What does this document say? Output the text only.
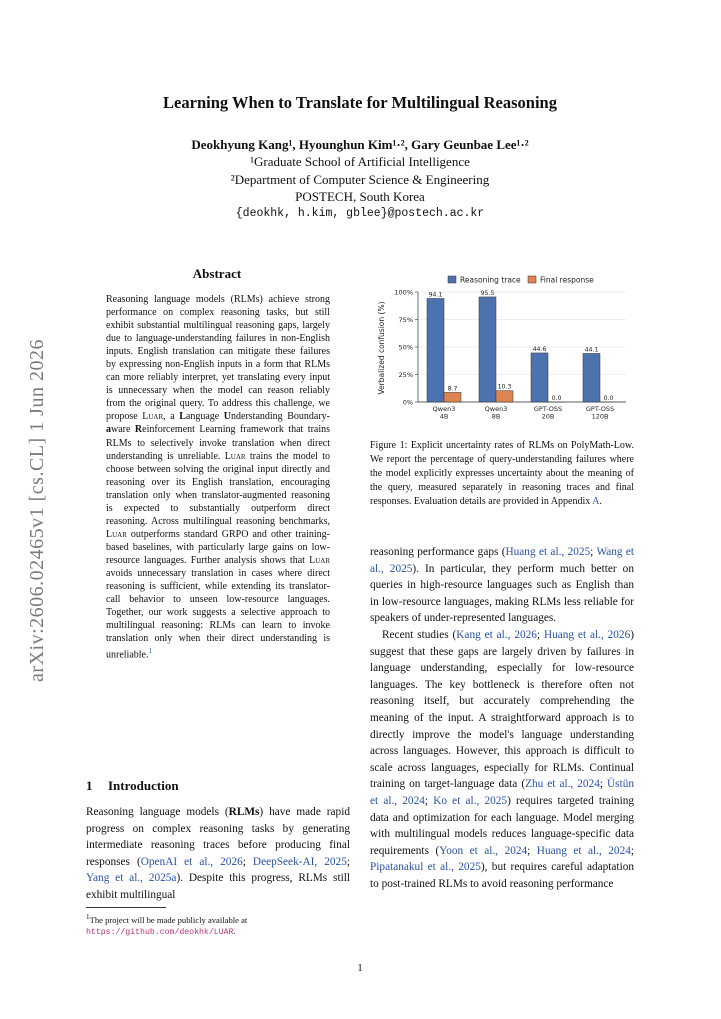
arXiv:2606.02465v1 [cs.CL] 1 Jun 2026
Learning When to Translate for Multilingual Reasoning
Deokhyung Kang¹, Hyounghun Kim¹·², Gary Geunbae Lee¹·²
¹Graduate School of Artificial Intelligence
²Department of Computer Science & Engineering
POSTECH, South Korea
{deokhk, h.kim, gblee}@postech.ac.kr
Abstract
Reasoning language models (RLMs) achieve strong performance on complex reasoning tasks, but still exhibit substantial multilingual reasoning gaps, largely due to language-understanding failures in non-English inputs. English translation can mitigate these failures by expressing non-English inputs in a form that RLMs can more reliably interpret, yet translating every input is unnecessary when the model can reason reliably from the original query. To address this challenge, we propose Luar, a Language Understanding Boundary-aware Reinforcement Learning framework that trains RLMs to selectively invoke translation when direct understanding is unreliable. Luar trains the model to choose between solving the original input directly and reasoning over its English translation, encouraging translation only when translator-augmented reasoning is expected to substantially outperform direct reasoning. Across multilingual reasoning benchmarks, Luar outperforms standard GRPO and other training-based baselines, with particularly large gains on low-resource languages. Further analysis shows that Luar avoids unnecessary translation in cases where direct reasoning is sufficient, while extending its translator-call behavior to unseen low-resource languages. Together, our work suggests a selective approach to multilingual reasoning: RLMs can learn to invoke translation only when their direct understanding is unreliable.$^1$
1 Introduction

Reasoning language models (RLMs) have made rapid progress on complex reasoning tasks by generating intermediate reasoning traces before producing final responses (OpenAI et al., 2026; DeepSeek-AI, 2025; Yang et al., 2025a). Despite this progress, RLMs still exhibit multilingual

$^1$The project will be made publicly available at https://github.com/deokhk/LUAR.
Reasoning trace	Final response
Verbalized confusion (%)
0%
25%
50%
75%
100%	94.1
8.7
95.5
10.3
44.6
0.0
44.1
0.0
Qwen3
4B
Qwen3
8B
GPT-OSS
20B
GPT-OSS
120B
Figure 1: Explicit uncertainty rates of RLMs on PolyMath-Low. We report the percentage of query-understanding failures where the model explicitly expresses uncertainty about the meaning of the query, measured separately in reasoning traces and final responses. Evaluation details are provided in Appendix A.

reasoning performance gaps (Huang et al., 2025; Wang et al., 2025). In particular, they perform much better on queries in high-resource languages such as English than in low-resource languages, making RLMs less reliable for speakers of under-represented languages.

Recent studies (Kang et al., 2026; Huang et al., 2026) suggest that these gaps are largely driven by failures in language understanding, especially for low-resource languages. The key bottleneck is therefore often not reasoning itself, but accurately comprehending the meaning of the input. A straightforward approach is to directly improve the model's language understanding across languages. However, this approach is difficult to scale across languages, especially for RLMs. Continual training on target-language data (Zhu et al., 2024; Üstün et al., 2024; Ko et al., 2025) requires targeted training data and optimization for each language. Model merging with multilingual models reduces language-specific data requirements (Yoon et al., 2024; Huang et al., 2024; Pipatanakul et al., 2025), but requires careful adaptation to post-trained RLMs to avoid reasoning performance

1
